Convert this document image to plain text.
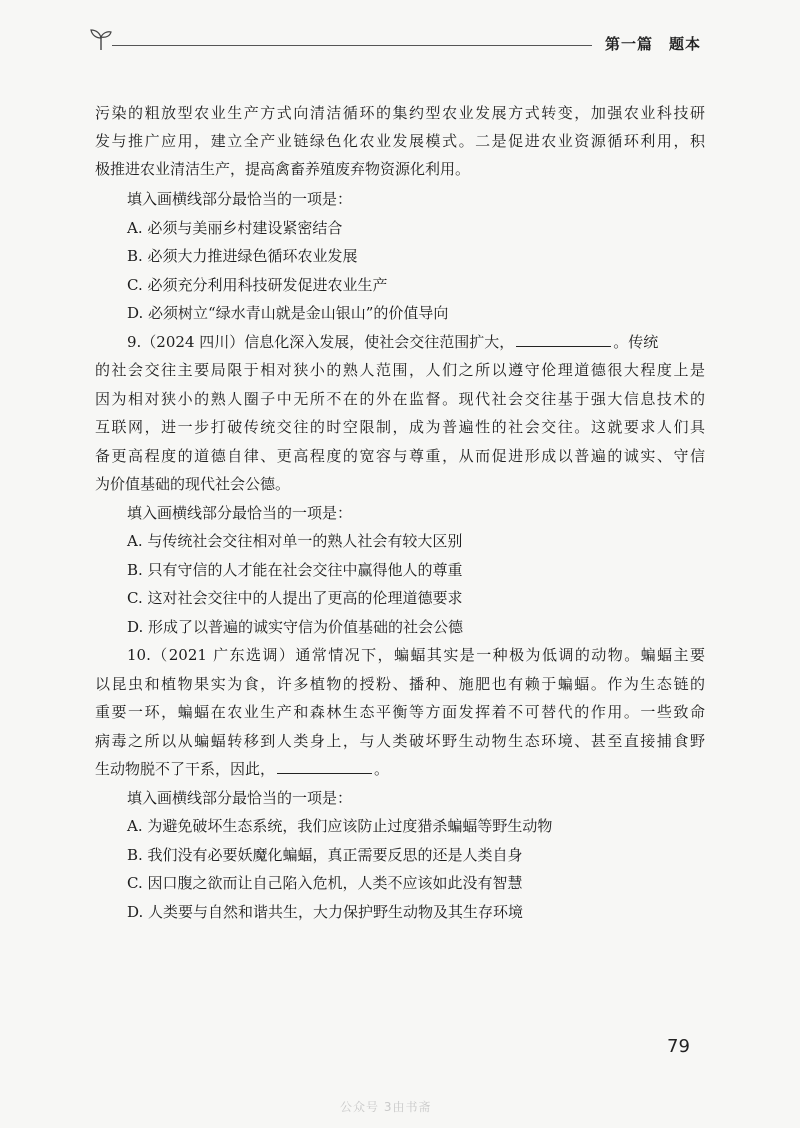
第一篇　题本
污染的粗放型农业生产方式向清洁循环的集约型农业发展方式转变，加强农业科技研
发与推广应用，建立全产业链绿色化农业发展模式。二是促进农业资源循环利用，积
极推进农业清洁生产，提高禽畜养殖废弃物资源化利用。
填入画横线部分最恰当的一项是：
A. 必须与美丽乡村建设紧密结合
B. 必须大力推进绿色循环农业发展
C. 必须充分利用科技研发促进农业生产
D. 必须树立“绿水青山就是金山银山”的价值导向
9.（2024 四川）信息化深入发展，使社会交往范围扩大，	。传统
的社会交往主要局限于相对狭小的熟人范围，人们之所以遵守伦理道德很大程度上是
因为相对狭小的熟人圈子中无所不在的外在监督。现代社会交往基于强大信息技术的
互联网，进一步打破传统交往的时空限制，成为普遍性的社会交往。这就要求人们具
备更高程度的道德自律、更高程度的宽容与尊重，从而促进形成以普遍的诚实、守信
为价值基础的现代社会公德。
填入画横线部分最恰当的一项是：
A. 与传统社会交往相对单一的熟人社会有较大区别
B. 只有守信的人才能在社会交往中赢得他人的尊重
C. 这对社会交往中的人提出了更高的伦理道德要求
D. 形成了以普遍的诚实守信为价值基础的社会公德
10.（2021 广东选调）通常情况下，蝙蝠其实是一种极为低调的动物。蝙蝠主要
以昆虫和植物果实为食，许多植物的授粉、播种、施肥也有赖于蝙蝠。作为生态链的
重要一环，蝙蝠在农业生产和森林生态平衡等方面发挥着不可替代的作用。一些致命
病毒之所以从蝙蝠转移到人类身上，与人类破坏野生动物生态环境、甚至直接捕食野
生动物脱不了干系，因此，	。
填入画横线部分最恰当的一项是：
A. 为避免破坏生态系统，我们应该防止过度猎杀蝙蝠等野生动物
B. 我们没有必要妖魔化蝙蝠，真正需要反思的还是人类自身
C. 因口腹之欲而让自己陷入危机，人类不应该如此没有智慧
D. 人类要与自然和谐共生，大力保护野生动物及其生存环境
79
公众号 3由书斋
